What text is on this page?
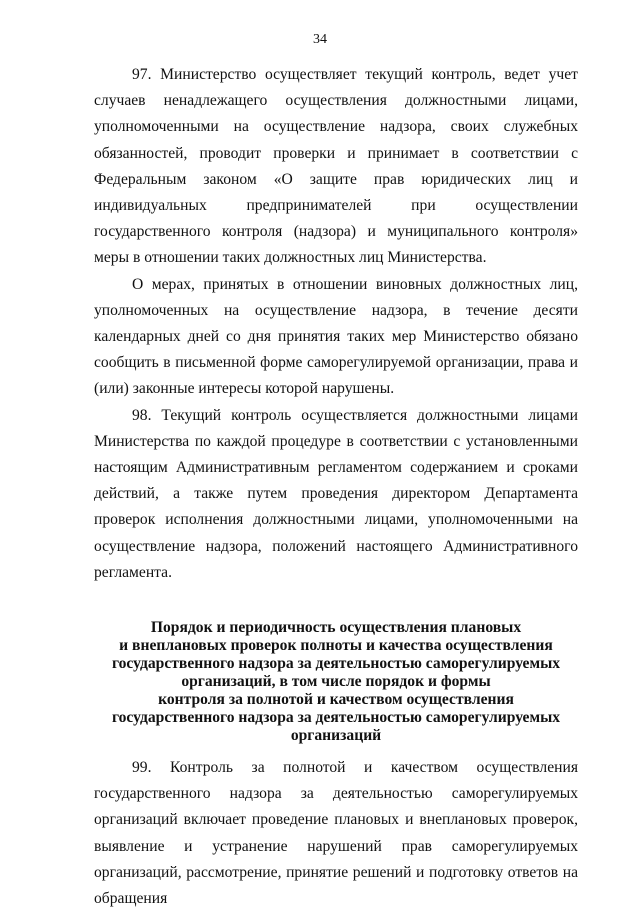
34

97. Министерство осуществляет текущий контроль, ведет учет случаев ненадлежащего осуществления должностными лицами, уполномоченными на осуществление надзора, своих служебных обязанностей, проводит проверки и принимает в соответствии с Федеральным законом «О защите прав юридических лиц и индивидуальных предпринимателей при осуществлении государственного контроля (надзора) и муниципального контроля» меры в отношении таких должностных лиц Министерства.

О мерах, принятых в отношении виновных должностных лиц, уполномоченных на осуществление надзора, в течение десяти календарных дней со дня принятия таких мер Министерство обязано сообщить в письменной форме саморегулируемой организации, права и (или) законные интересы которой нарушены.

98. Текущий контроль осуществляется должностными лицами Министерства по каждой процедуре в соответствии с установленными настоящим Административным регламентом содержанием и сроками действий, а также путем проведения директором Департамента проверок исполнения должностными лицами, уполномоченными на осуществление надзора, положений настоящего Административного регламента.

Порядок и периодичность осуществления плановых
и внеплановых проверок полноты и качества осуществления
государственного надзора за деятельностью саморегулируемых
организаций, в том числе порядок и формы
контроля за полнотой и качеством осуществления
государственного надзора за деятельностью саморегулируемых
организаций

99. Контроль за полнотой и качеством осуществления государственного надзора за деятельностью саморегулируемых организаций включает проведение плановых и внеплановых проверок, выявление и устранение нарушений прав саморегулируемых организаций, рассмотрение, принятие решений и подготовку ответов на обращения
